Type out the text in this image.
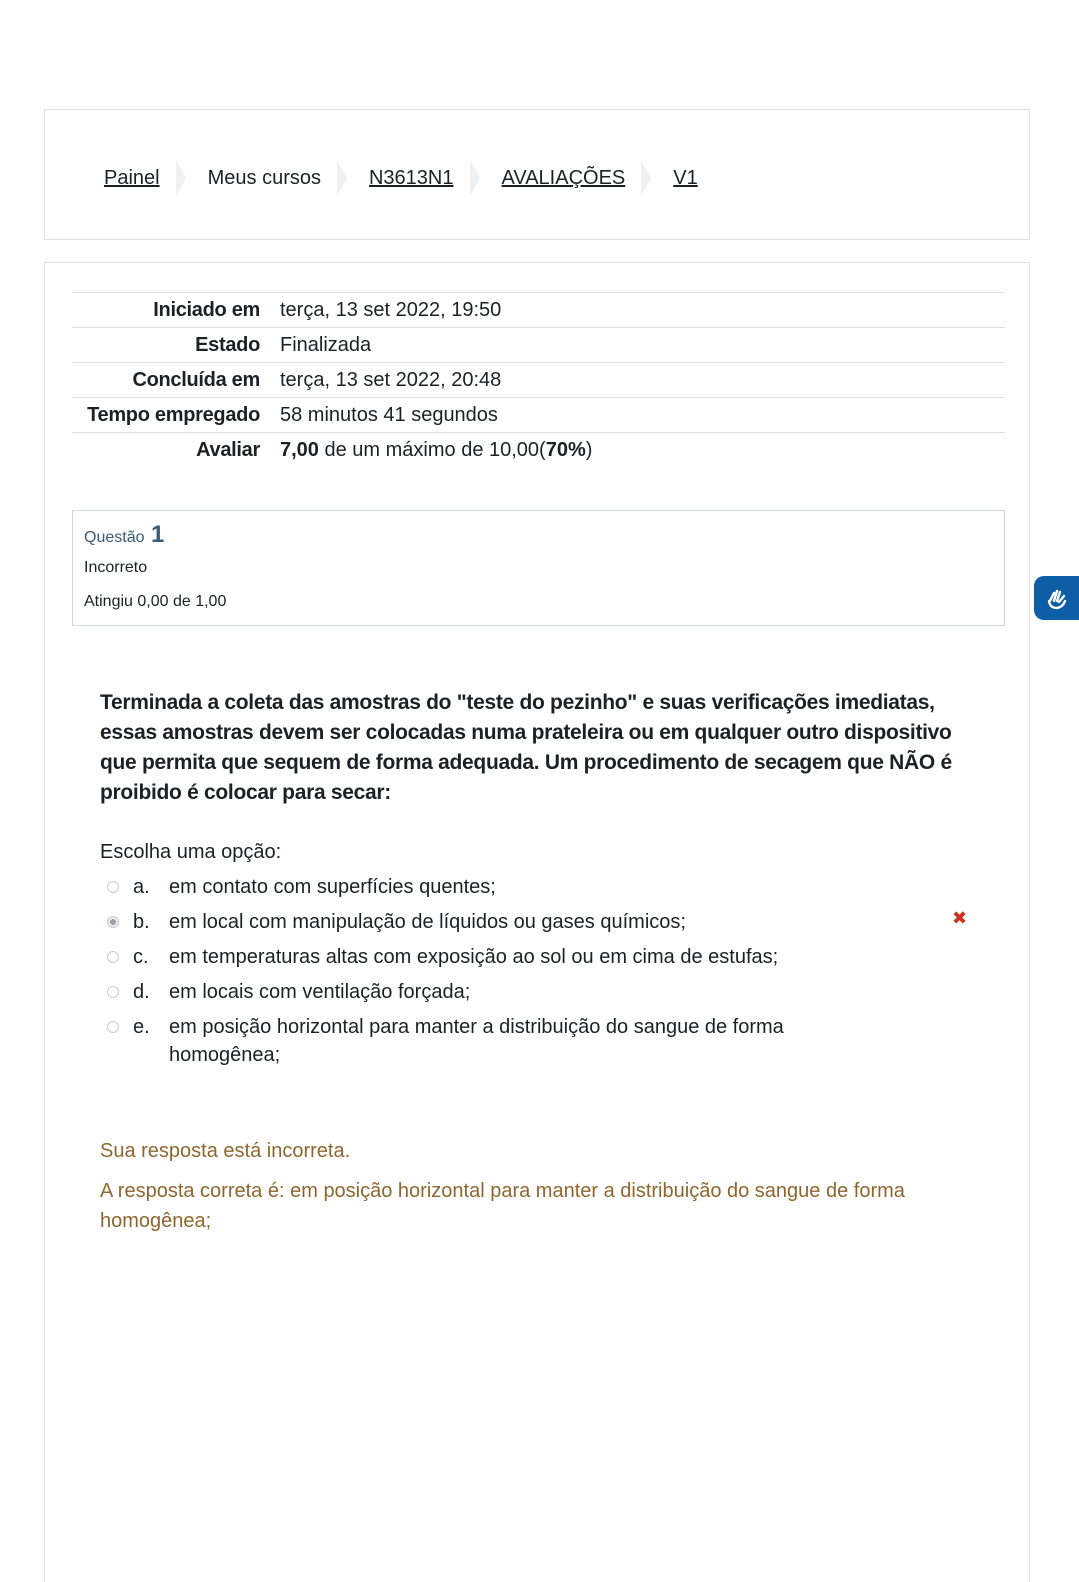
Painel Meus cursos N3613N1 AVALIAÇÕES V1
Iniciado em	terça, 13 set 2022, 19:50
Estado	Finalizada
Concluída em	terça, 13 set 2022, 20:48
Tempo empregado	58 minutos 41 segundos
Avaliar	7,00 de um máximo de 10,00(70%)
Questão 1
Incorreto
Atingiu 0,00 de 1,00
Terminada a coleta das amostras do "teste do pezinho" e suas verificações imediatas, essas amostras devem ser colocadas numa prateleira ou em qualquer outro dispositivo que permita que sequem de forma adequada. Um procedimento de secagem que NÃO é proibido é colocar para secar:
Escolha uma opção:
a. em contato com superfícies quentes;
b. em local com manipulação de líquidos ou gases químicos;	✖
c.	em temperaturas altas com exposição ao sol ou em cima de estufas;
d. em locais com ventilação forçada;
e. em posição horizontal para manter a distribuição do sangue de forma homogênea;

Sua resposta está incorreta.

A resposta correta é: em posição horizontal para manter a distribuição do sangue de forma homogênea;
